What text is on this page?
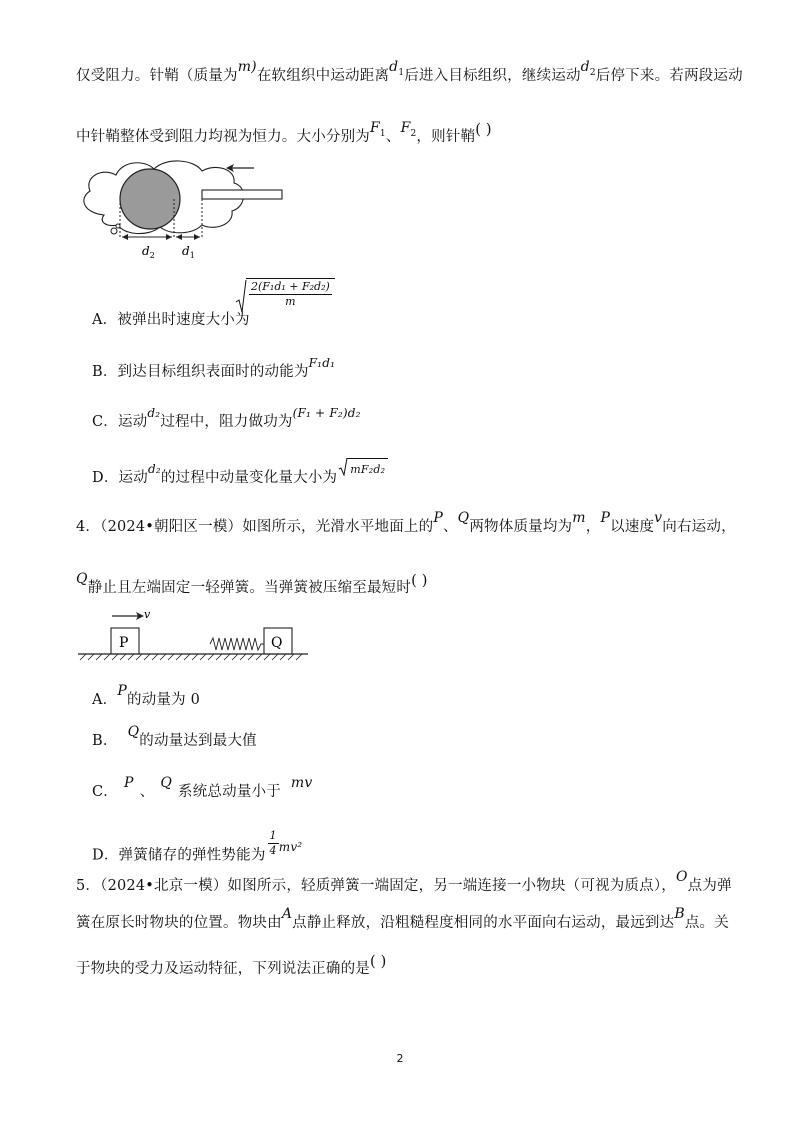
仅受阻力。针鞘（质量为m)在软组织中运动距离$d_1$后进入目标组织，继续运动$d_2$后停下来。若两段运动
中针鞘整体受到阻力均视为恒力。大小分别为$F_1$、$F_2$，则针鞘( )
$d_2$ $d_1$
A．被弹出时速度大小为
$\frac{\text{2(F₁d₁ + F₂d₂)}}{m}$
B．到达目标组织表面时的动能为$^{F_1d_1}$
C．运动$^{d_2}$过程中，阻力做功为$^{(F_1 + F_2)d_2}$
D．运动$^{d_2}$的过程中动量变化量大小为
mF₂d₂
4．（2024•朝阳区一模）如图所示，光滑水平地面上的P、Q两物体质量均为m，P以速度v向右运动，
Q静止且左端固定一轻弹簧。当弹簧被压缩至最短时( )
v
P	Q
A．P的动量为 0
B．Q的动量达到最大值
C．P、Q系统总动量小于mv
D．弹簧储存的弹性势能为 $\frac{1}{4} ^{mv^2}$
5．（2024•北京一模）如图所示，轻质弹簧一端固定，另一端连接一小物块（可视为质点），O点为弹
簧在原长时物块的位置。物块由A点静止释放，沿粗糙程度相同的水平面向右运动，最远到达B点。关
于物块的受力及运动特征，下列说法正确的是( )
2
